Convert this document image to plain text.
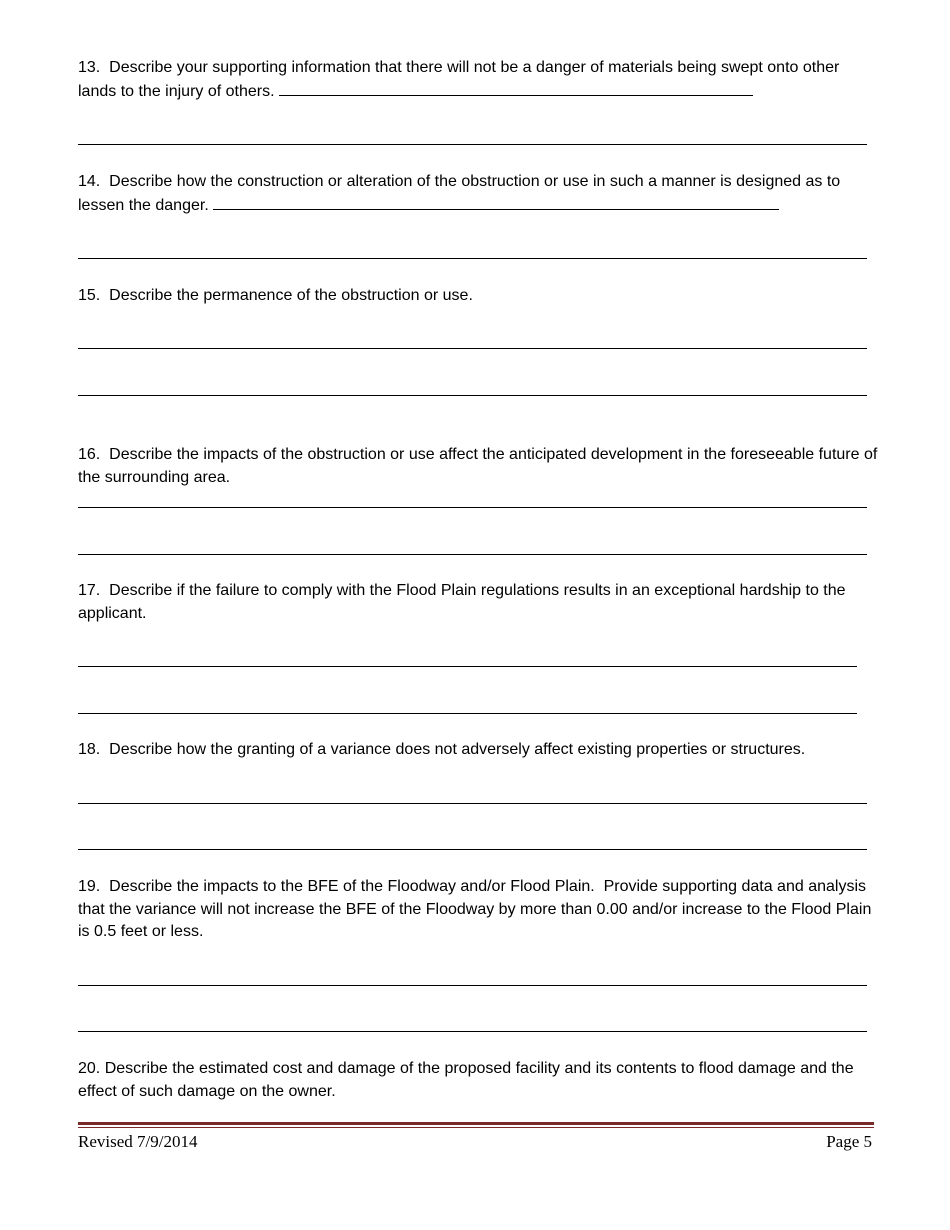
13.  Describe your supporting information that there will not be a danger of materials being swept onto other lands to the injury of others.
14.  Describe how the construction or alteration of the obstruction or use in such a manner is designed as to lessen the danger.
15.  Describe the permanence of the obstruction or use.
16.  Describe the impacts of the obstruction or use affect the anticipated development in the foreseeable future of the surrounding area.
17.  Describe if the failure to comply with the Flood Plain regulations results in an exceptional hardship to the applicant.
18.  Describe how the granting of a variance does not adversely affect existing properties or structures.
19.  Describe the impacts to the BFE of the Floodway and/or Flood Plain.  Provide supporting data and analysis that the variance will not increase the BFE of the Floodway by more than 0.00 and/or increase to the Flood Plain is 0.5 feet or less.
20. Describe the estimated cost and damage of the proposed facility and its contents to flood damage and the effect of such damage on the owner.
Revised 7/9/2014	Page 5
